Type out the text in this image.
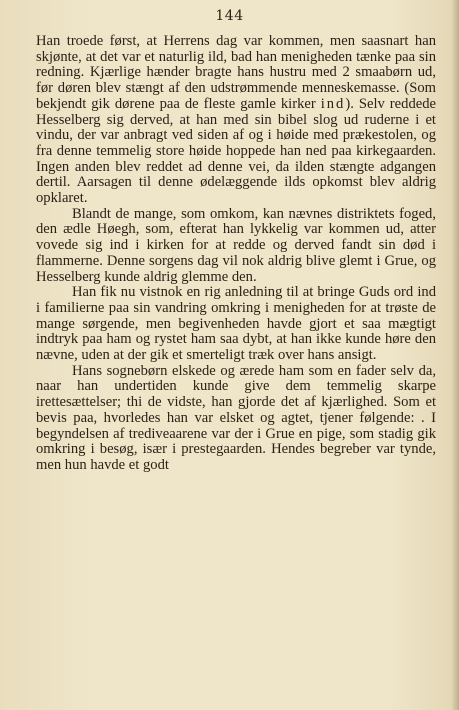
144

Han troede først, at Herrens dag var kommen, men saasnart han skjønte, at det var et naturlig ild, bad han menigheden tænke paa sin redning. Kjærlige hænder bragte hans hustru med 2 smaabørn ud, før døren blev stængt af den udstrømmende menneskemasse. (Som bekjendt gik dørene paa de fleste gamle kirker ind). Selv reddede Hesselberg sig derved, at han med sin bibel slog ud ruderne i et vindu, der var anbragt ved siden af og i høide med prækestolen, og fra denne temmelig store høide hoppede han ned paa kirkegaarden. Ingen anden blev reddet ad denne vei, da ilden stængte adgangen dertil. Aarsagen til denne ødelæggende ilds opkomst blev aldrig opklaret.

Blandt de mange, som omkom, kan nævnes distriktets foged, den ædle Høegh, som, efterat han lykkelig var kommen ud, atter vovede sig ind i kirken for at redde og derved fandt sin død i flammerne. Denne sorgens dag vil nok aldrig blive glemt i Grue, og Hesselberg kunde aldrig glemme den.

Han fik nu vistnok en rig anledning til at bringe Guds ord ind i familierne paa sin vandring omkring i menigheden for at trøste de mange sørgende, men begivenheden havde gjort et saa mægtigt indtryk paa ham og rystet ham saa dybt, at han ikke kunde høre den nævne, uden at der gik et smerteligt træk over hans ansigt.

Hans sognebørn elskede og ærede ham som en fader selv da, naar han undertiden kunde give dem temmelig skarpe irettesættelser; thi de vidste, han gjorde det af kjærlighed. Som et bevis paa, hvorledes han var elsket og agtet, tjener følgende: . I begyndelsen af trediveaarene var der i Grue en pige, som stadig gik omkring i besøg, især i prestegaarden. Hendes begreber var tynde, men hun havde et godt
